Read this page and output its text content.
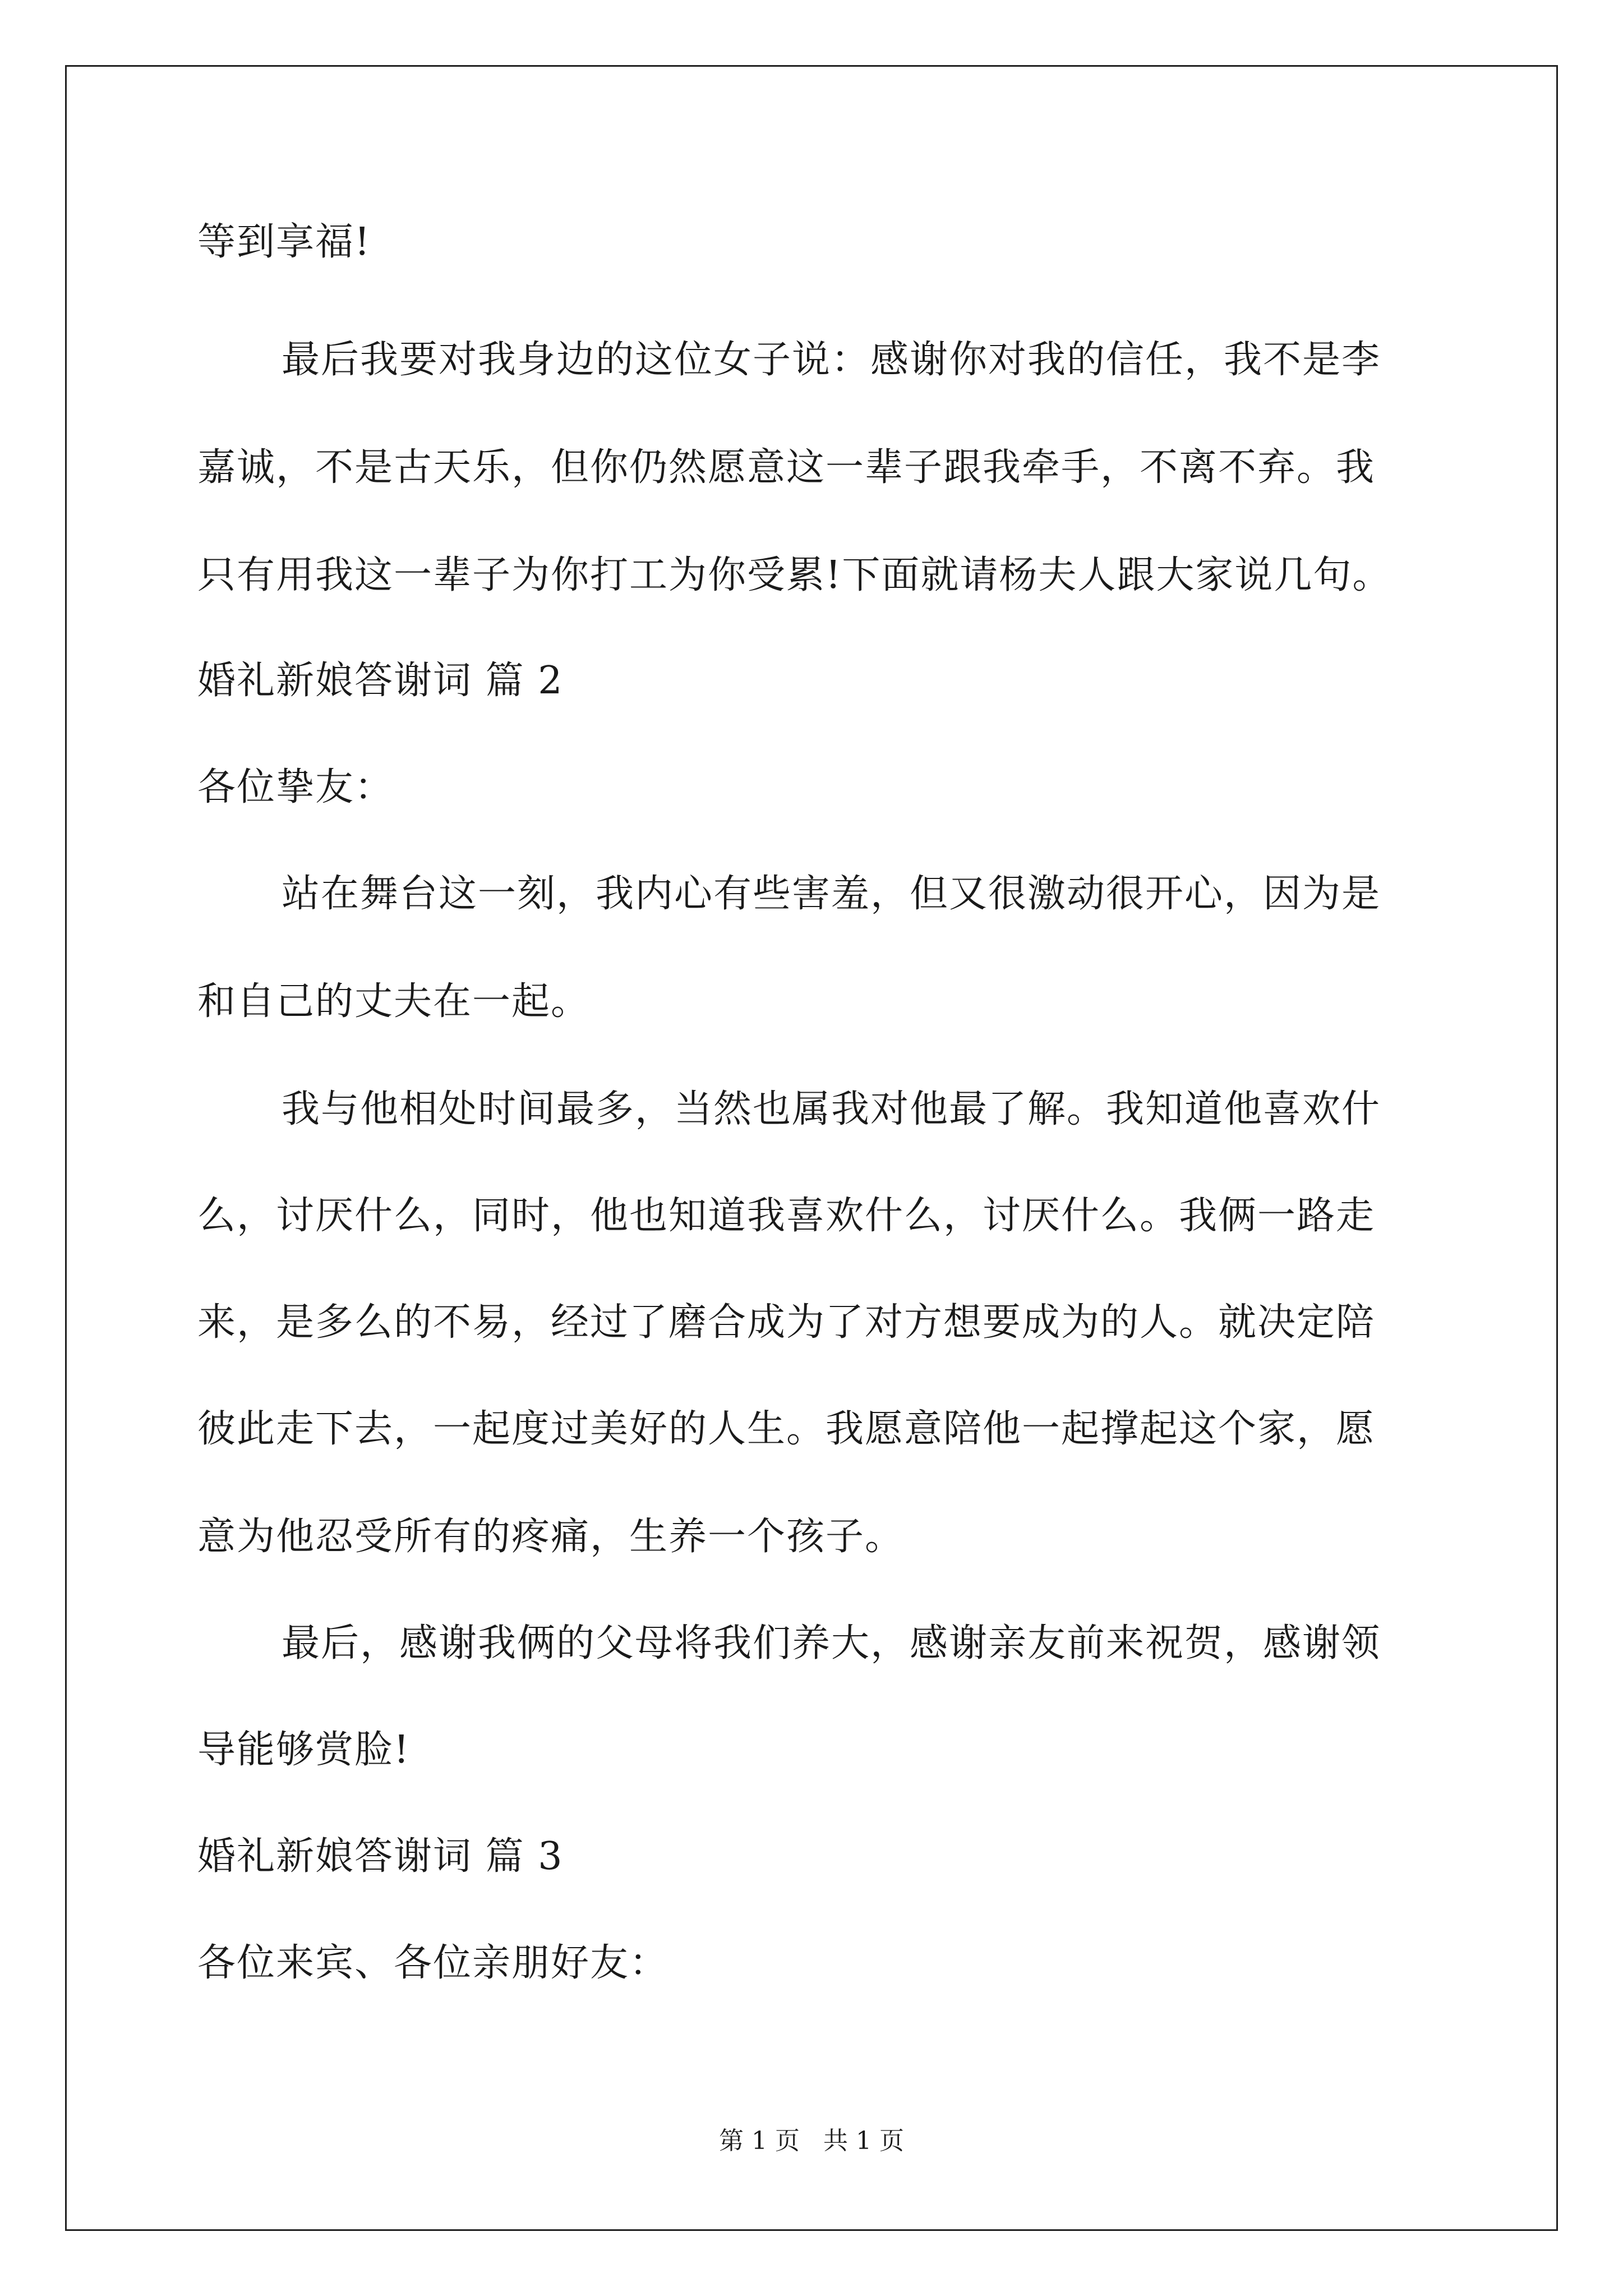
等到享福!
最后我要对我身边的这位女子说：感谢你对我的信任，我不是李
嘉诚，不是古天乐，但你仍然愿意这一辈子跟我牵手，不离不弃。我
只有用我这一辈子为你打工为你受累!下面就请杨夫人跟大家说几句。
婚礼新娘答谢词 篇 2
各位挚友：
站在舞台这一刻，我内心有些害羞，但又很激动很开心，因为是
和自己的丈夫在一起。
我与他相处时间最多，当然也属我对他最了解。我知道他喜欢什
么，讨厌什么，同时，他也知道我喜欢什么，讨厌什么。我俩一路走
来，是多么的不易，经过了磨合成为了对方想要成为的人。就决定陪
彼此走下去，一起度过美好的人生。我愿意陪他一起撑起这个家，愿
意为他忍受所有的疼痛，生养一个孩子。
最后，感谢我俩的父母将我们养大，感谢亲友前来祝贺，感谢领
导能够赏脸!
婚礼新娘答谢词 篇 3
各位来宾、各位亲朋好友：
第 1 页   共 1 页
